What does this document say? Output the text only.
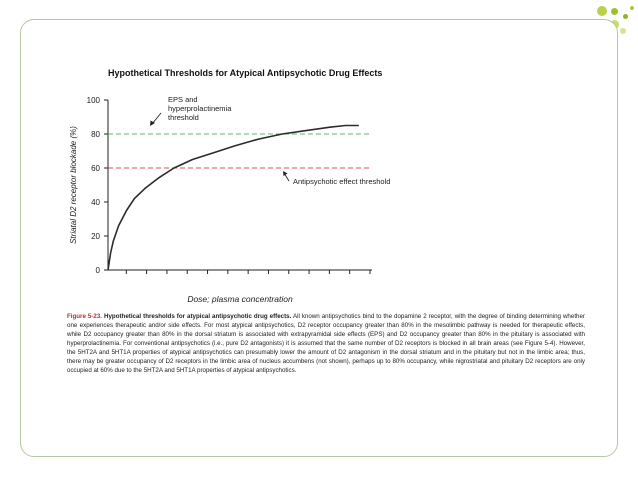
Hypothetical Thresholds for Atypical Antipsychotic Drug Effects
0
20
40
60
80
100	EPS and hyperprolactinemia threshold
Antipsychotic effect threshold
Striatal D2 receptor blockade (%)
Dose; plasma concentration
Figure 5-23. Hypothetical thresholds for atypical antipsychotic drug effects. All known antipsychotics bind to the dopamine 2 receptor, with the degree of binding determining whether one experiences therapeutic and/or side effects. For most atypical antipsychotics, D2 receptor occupancy greater than 80% in the mesolimbic pathway is needed for therapeutic effects, while D2 occupancy greater than 80% in the dorsal striatum is associated with extrapyramidal side effects (EPS) and D2 occupancy greater than 80% in the pituitary is associated with hyperprolactinemia. For conventional antipsychotics (i.e., pure D2 antagonists) it is assumed that the same number of D2 receptors is blocked in all brain areas (see Figure 5-4). However, the 5HT2A and 5HT1A properties of atypical antipsychotics can presumably lower the amount of D2 antagonism in the dorsal striatum and in the pituitary but not in the limbic area; thus, there may be greater occupancy of D2 receptors in the limbic area of nucleus accumbens (not shown), perhaps up to 80% occupancy, while nigrostriatal and pituitary D2 receptors are only occupied at 60% due to the 5HT2A and 5HT1A properties of atypical antipsychotics.
